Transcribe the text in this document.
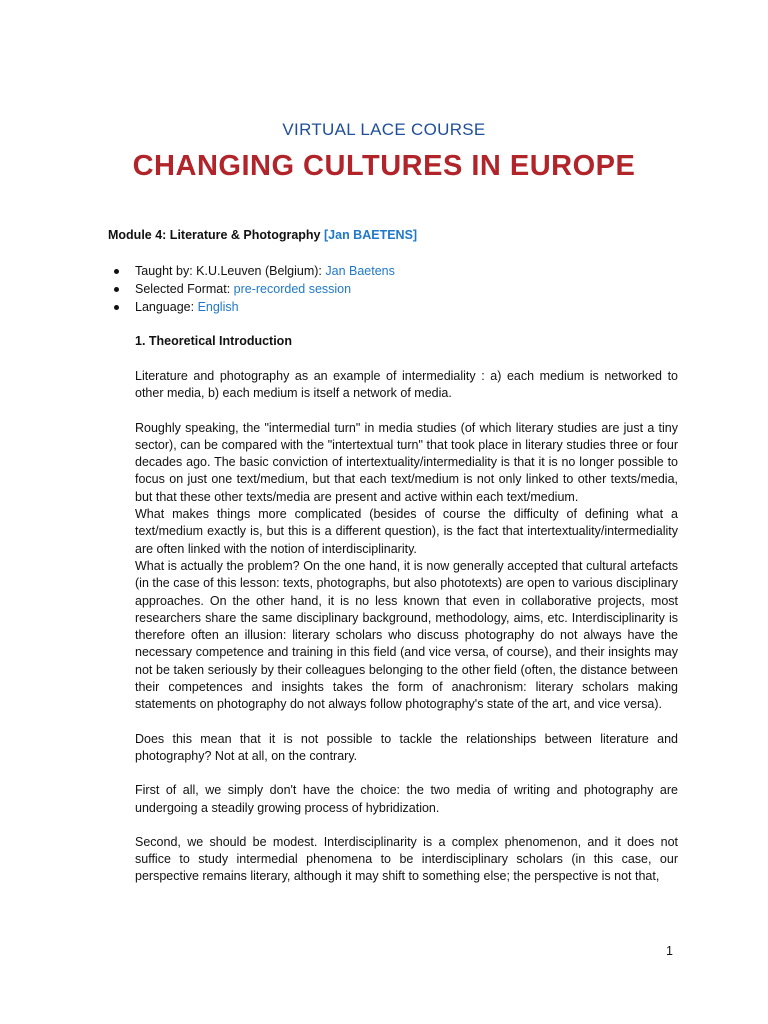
VIRTUAL LACE COURSE
CHANGING CULTURES IN EUROPE
Module 4: Literature & Photography [Jan BAETENS]
Taught by: K.U.Leuven (Belgium): Jan Baetens
Selected Format: pre-recorded session
Language: English
1. Theoretical Introduction

Literature and photography as an example of intermediality : a) each medium is networked to other media, b) each medium is itself a network of media.

Roughly speaking, the "intermedial turn" in media studies (of which literary studies are just a tiny sector), can be compared with the "intertextual turn" that took place in literary studies three or four decades ago. The basic conviction of intertextuality/intermediality is that it is no longer possible to focus on just one text/medium, but that each text/medium is not only linked to other texts/media, but that these other texts/media are present and active within each text/medium.

What makes things more complicated (besides of course the difficulty of defining what a text/medium exactly is, but this is a different question), is the fact that intertextuality/intermediality are often linked with the notion of interdisciplinarity.

What is actually the problem? On the one hand, it is now generally accepted that cultural artefacts (in the case of this lesson: texts, photographs, but also phototexts) are open to various disciplinary approaches. On the other hand, it is no less known that even in collaborative projects, most researchers share the same disciplinary background, methodology, aims, etc. Interdisciplinarity is therefore often an illusion: literary scholars who discuss photography do not always have the necessary competence and training in this field (and vice versa, of course), and their insights may not be taken seriously by their colleagues belonging to the other field (often, the distance between their competences and insights takes the form of anachronism: literary scholars making statements on photography do not always follow photography's state of the art, and vice versa).

Does this mean that it is not possible to tackle the relationships between literature and photography? Not at all, on the contrary.

First of all, we simply don't have the choice: the two media of writing and photography are undergoing a steadily growing process of hybridization.

Second, we should be modest. Interdisciplinarity is a complex phenomenon, and it does not suffice to study intermedial phenomena to be interdisciplinary scholars (in this case, our perspective remains literary, although it may shift to something else; the perspective is not that,

1
